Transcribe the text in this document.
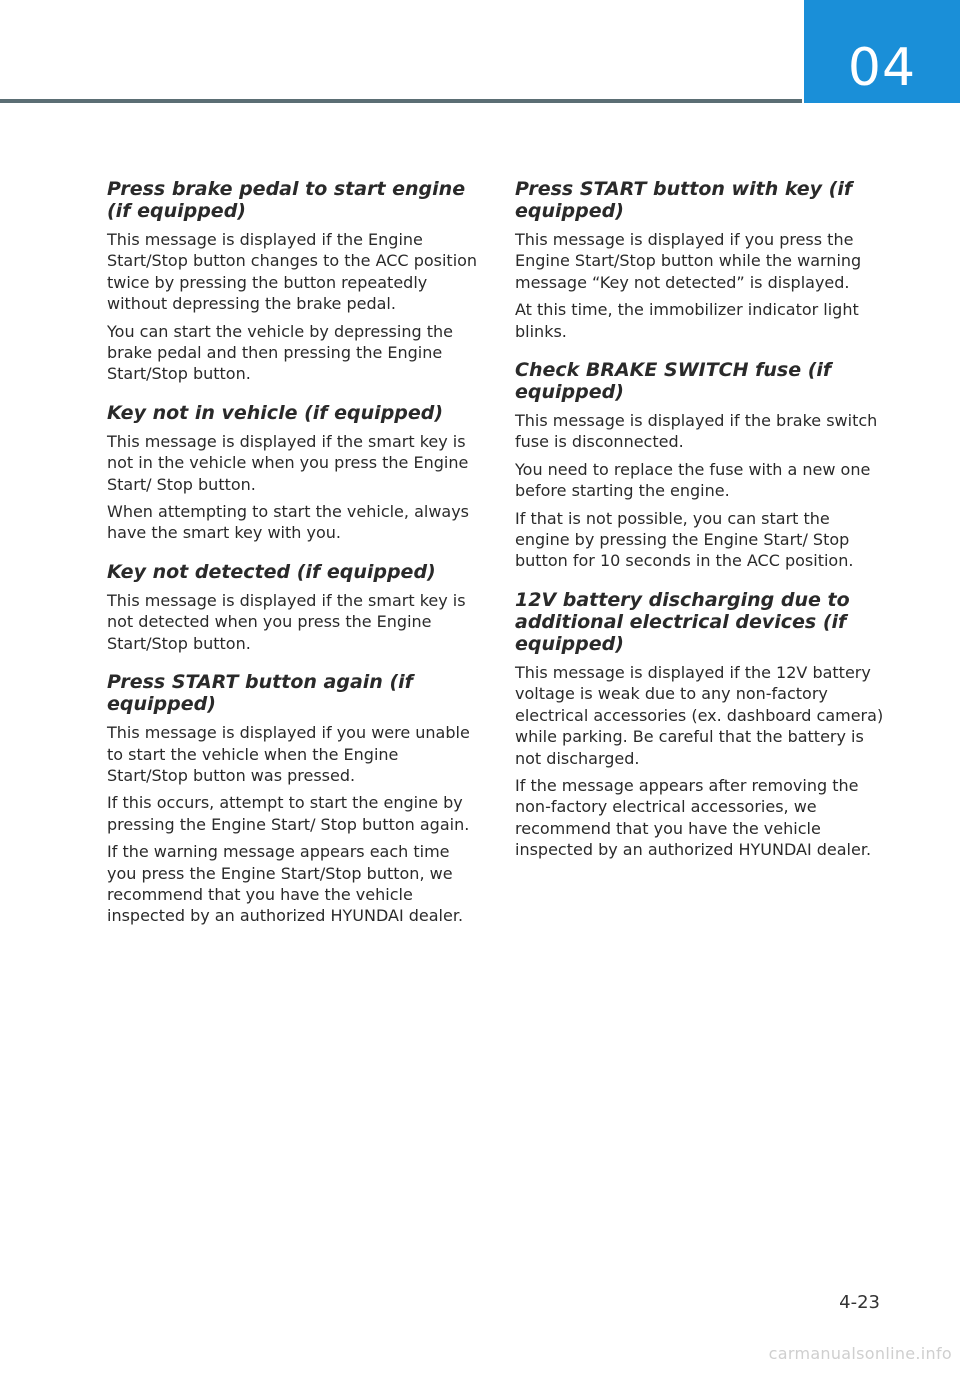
04
Press brake pedal to start engine (if equipped)

This message is displayed if the Engine Start/Stop button changes to the ACC position twice by pressing the button repeatedly without depressing the brake pedal.

You can start the vehicle by depressing the brake pedal and then pressing the Engine Start/Stop button.

Key not in vehicle (if equipped)

This message is displayed if the smart key is not in the vehicle when you press the Engine Start/ Stop button.

When attempting to start the vehicle, always have the smart key with you.

Key not detected (if equipped)

This message is displayed if the smart key is not detected when you press the Engine Start/Stop button.

Press START button again (if equipped)

This message is displayed if you were unable to start the vehicle when the Engine Start/Stop button was pressed.

If this occurs, attempt to start the engine by pressing the Engine Start/ Stop button again.

If the warning message appears each time you press the Engine Start/Stop button, we recommend that you have the vehicle inspected by an authorized HYUNDAI dealer.

Press START button with key (if equipped)

This message is displayed if you press the Engine Start/Stop button while the warning message “Key not detected” is displayed.

At this time, the immobilizer indicator light blinks.

Check BRAKE SWITCH fuse (if equipped)

This message is displayed if the brake switch fuse is disconnected.

You need to replace the fuse with a new one before starting the engine.

If that is not possible, you can start the engine by pressing the Engine Start/ Stop button for 10 seconds in the ACC position.

12V battery discharging due to additional electrical devices (if equipped)

This message is displayed if the 12V battery voltage is weak due to any non-factory electrical accessories (ex. dashboard camera) while parking. Be careful that the battery is not discharged.

If the message appears after removing the non-factory electrical accessories, we recommend that you have the vehicle inspected by an authorized HYUNDAI dealer.

4-23
carmanualsonline.info
